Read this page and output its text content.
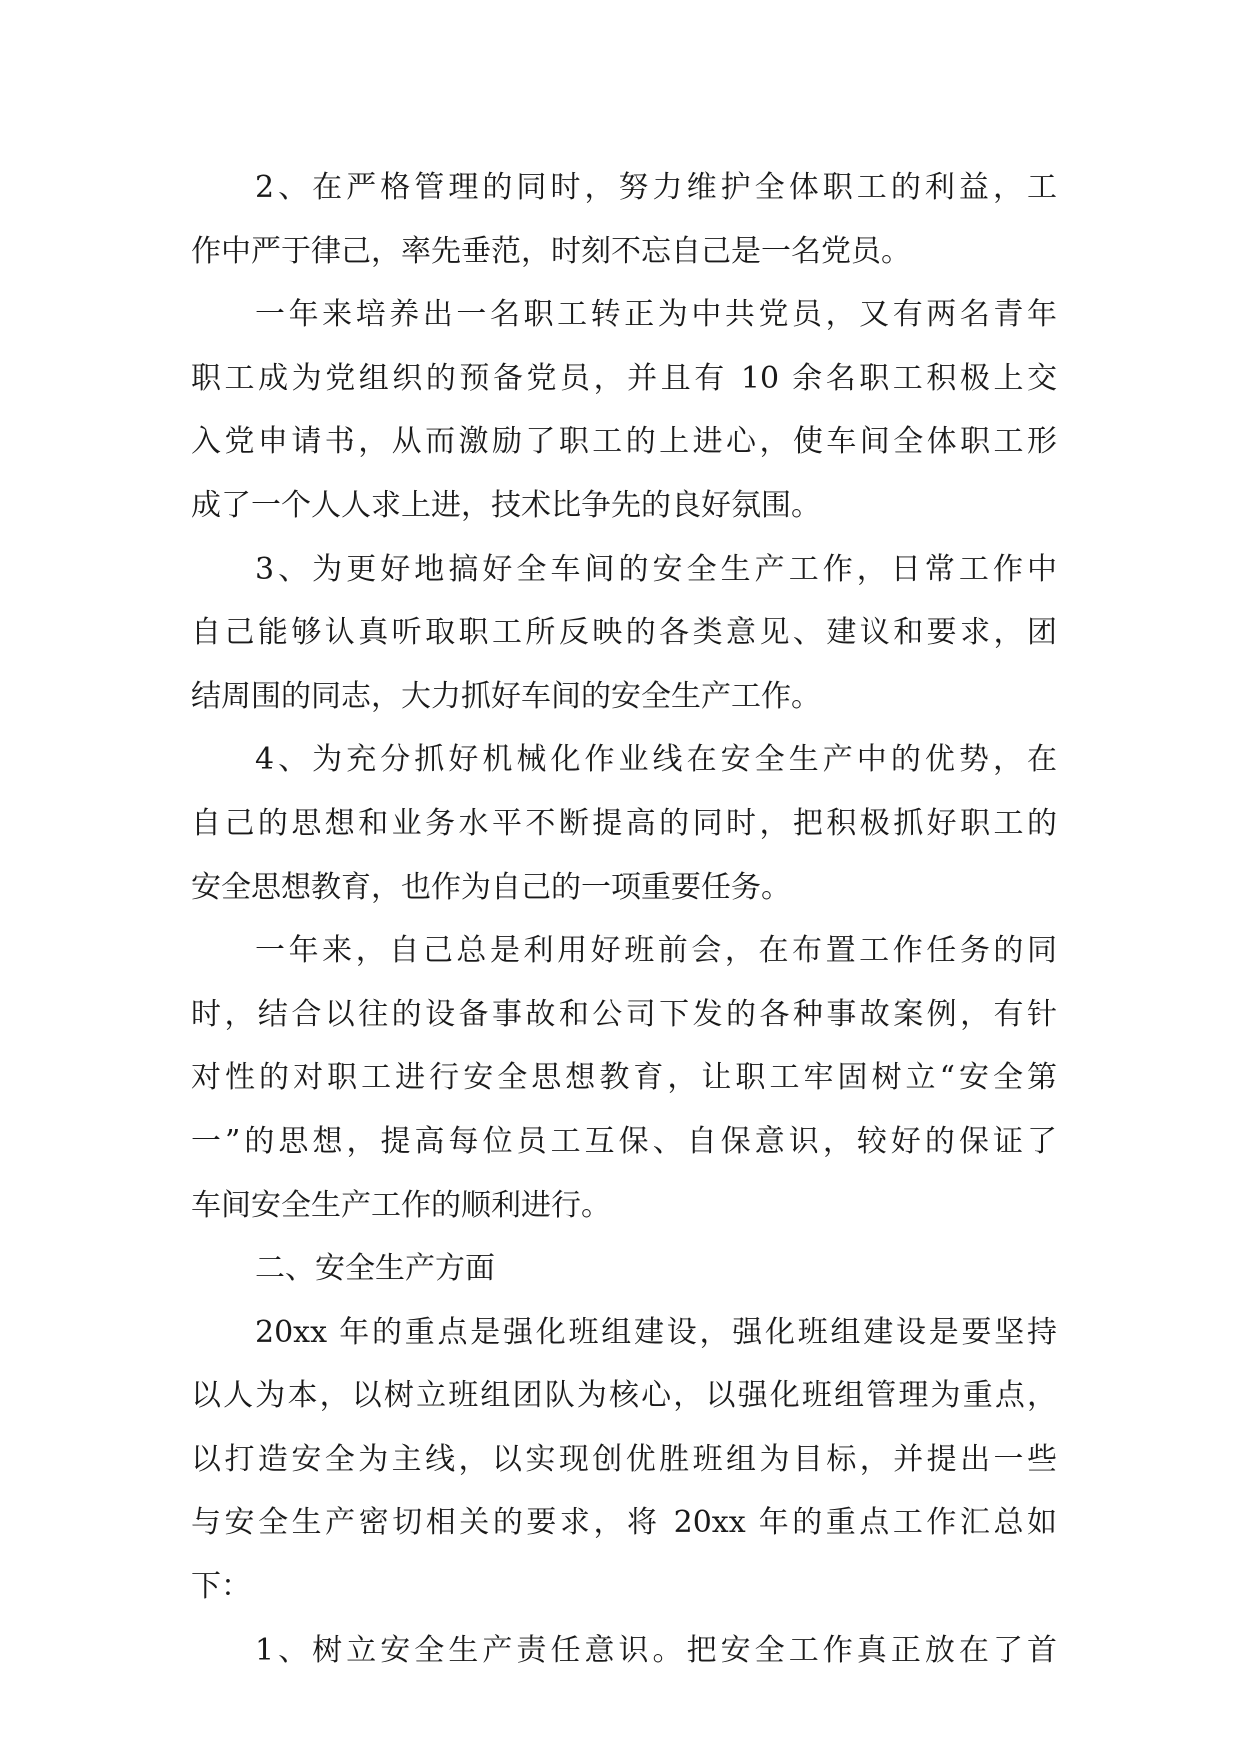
2、在严格管理的同时，努力维护全体职工的利益，工
作中严于律己，率先垂范，时刻不忘自己是一名党员。
一年来培养出一名职工转正为中共党员，又有两名青年
职工成为党组织的预备党员，并且有 10 余名职工积极上交
入党申请书，从而激励了职工的上进心，使车间全体职工形
成了一个人人求上进，技术比争先的良好氛围。
3、为更好地搞好全车间的安全生产工作，日常工作中
自己能够认真听取职工所反映的各类意见、建议和要求，团
结周围的同志，大力抓好车间的安全生产工作。
4、为充分抓好机械化作业线在安全生产中的优势，在
自己的思想和业务水平不断提高的同时，把积极抓好职工的
安全思想教育，也作为自己的一项重要任务。
一年来，自己总是利用好班前会，在布置工作任务的同
时，结合以往的设备事故和公司下发的各种事故案例，有针
对性的对职工进行安全思想教育，让职工牢固树立“安全第
一”的思想，提高每位员工互保、自保意识，较好的保证了
车间安全生产工作的顺利进行。
二、安全生产方面
20xx 年的重点是强化班组建设，强化班组建设是要坚持
以人为本，以树立班组团队为核心，以强化班组管理为重点，
以打造安全为主线，以实现创优胜班组为目标，并提出一些
与安全生产密切相关的要求，将 20xx 年的重点工作汇总如
下：
1、树立安全生产责任意识。把安全工作真正放在了首
